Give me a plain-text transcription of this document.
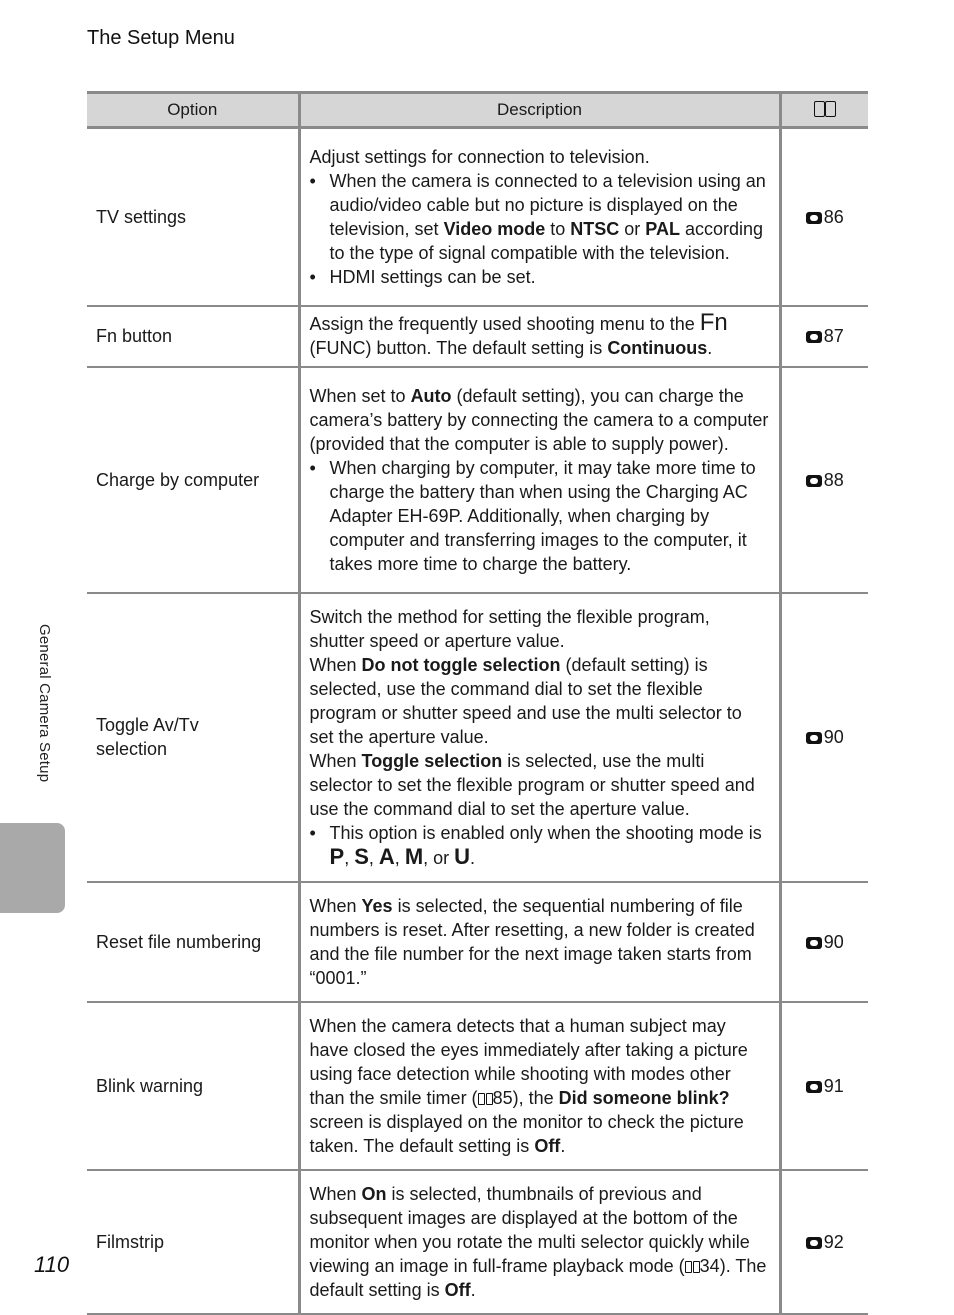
The Setup Menu
Option	Description	
TV settings	Adjust settings for connection to television.
• When the camera is connected to a television using an audio/video cable but no picture is displayed on the television, set Video mode to NTSC or PAL according to the type of signal compatible with the television.
• HDMI settings can be set.	86
Fn button	Assign the frequently used shooting menu to the Fn (FUNC) button. The default setting is Continuous.	87
Charge by computer	When set to Auto (default setting), you can charge the camera’s battery by connecting the camera to a computer (provided that the computer is able to supply power).
• When charging by computer, it may take more time to charge the battery than when using the Charging AC Adapter EH-69P. Additionally, when charging by computer and transferring images to the computer, it takes more time to charge the battery.	88
Toggle Av/Tv selection	Switch the method for setting the flexible program, shutter speed or aperture value.
When Do not toggle selection (default setting) is selected, use the command dial to set the flexible program or shutter speed and use the multi selector to set the aperture value.
When Toggle selection is selected, use the multi selector to set the flexible program or shutter speed and use the command dial to set the aperture value.
• This option is enabled only when the shooting mode is P, S, A, M, or U.	90
Reset file numbering	When Yes is selected, the sequential numbering of file numbers is reset. After resetting, a new folder is created and the file number for the next image taken starts from “0001.”	90
Blink warning	When the camera detects that a human subject may have closed the eyes immediately after taking a picture using face detection while shooting with modes other than the smile timer ( 85), the Did someone blink? screen is displayed on the monitor to check the picture taken. The default setting is Off.	91
Filmstrip	When On is selected, thumbnails of previous and subsequent images are displayed at the bottom of the monitor when you rotate the multi selector quickly while viewing an image in full-frame playback mode ( 34). The default setting is Off.	92
General Camera Setup
110
